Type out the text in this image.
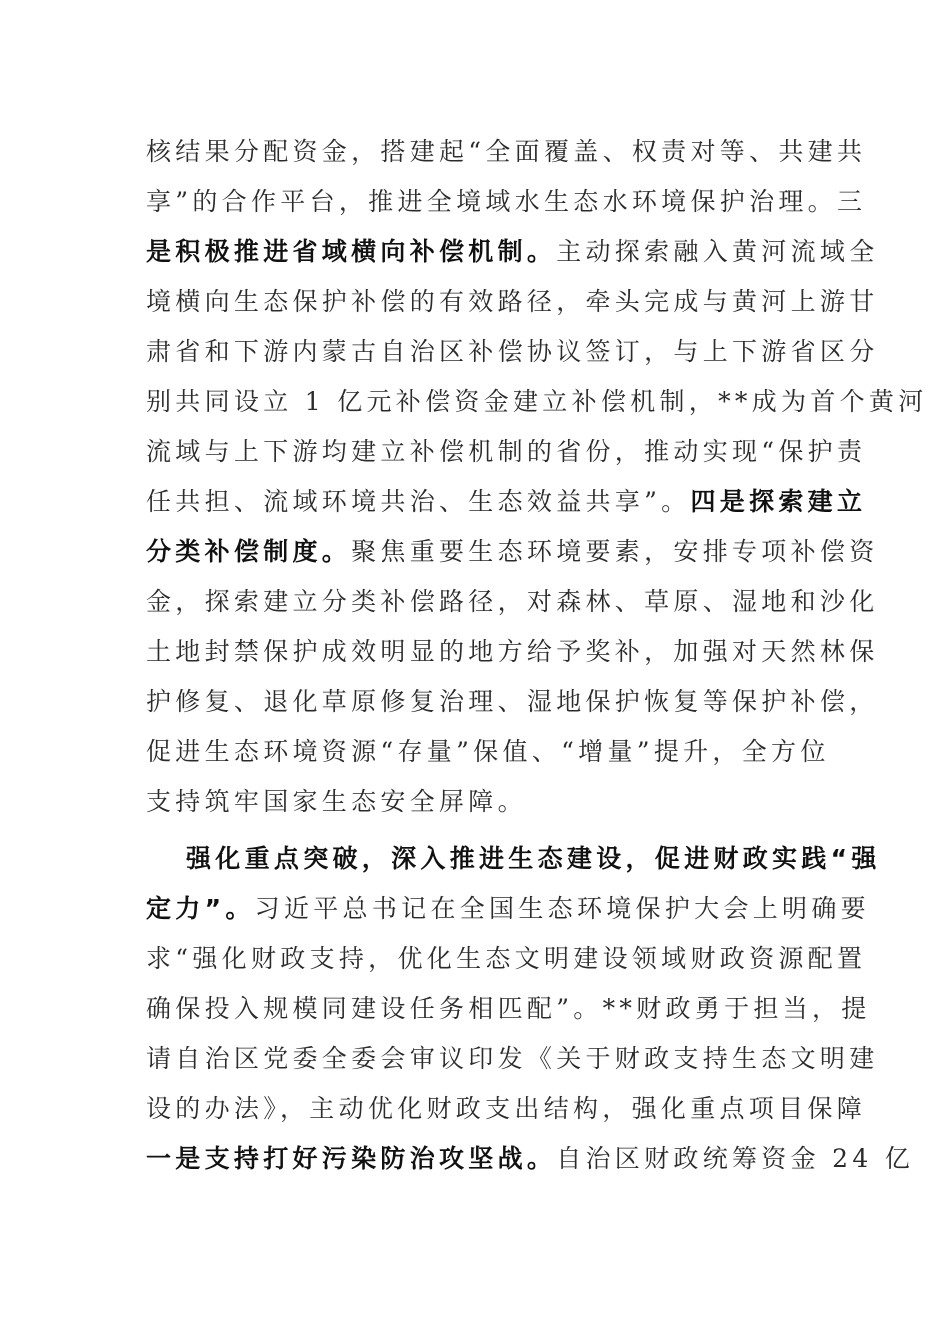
核结果分配资金，搭建起“全面覆盖、权责对等、共建共
享”的合作平台，推进全境域水生态水环境保护治理。三
是积极推进省域横向补偿机制。主动探索融入黄河流域全
境横向生态保护补偿的有效路径，牵头完成与黄河上游甘
肃省和下游内蒙古自治区补偿协议签订，与上下游省区分
别共同设立 1 亿元补偿资金建立补偿机制，**成为首个黄河
流域与上下游均建立补偿机制的省份，推动实现“保护责
任共担、流域环境共治、生态效益共享”。四是探索建立
分类补偿制度。聚焦重要生态环境要素，安排专项补偿资
金，探索建立分类补偿路径，对森林、草原、湿地和沙化
土地封禁保护成效明显的地方给予奖补，加强对天然林保
护修复、退化草原修复治理、湿地保护恢复等保护补偿，
促进生态环境资源“存量”保值、“增量”提升，全方位
支持筑牢国家生态安全屏障。
强化重点突破，深入推进生态建设，促进财政实践“强
定力”。习近平总书记在全国生态环境保护大会上明确要
求“强化财政支持，优化生态文明建设领域财政资源配置
确保投入规模同建设任务相匹配”。**财政勇于担当，提
请自治区党委全委会审议印发《关于财政支持生态文明建
设的办法》，主动优化财政支出结构，强化重点项目保障
一是支持打好污染防治攻坚战。自治区财政统筹资金 24 亿
